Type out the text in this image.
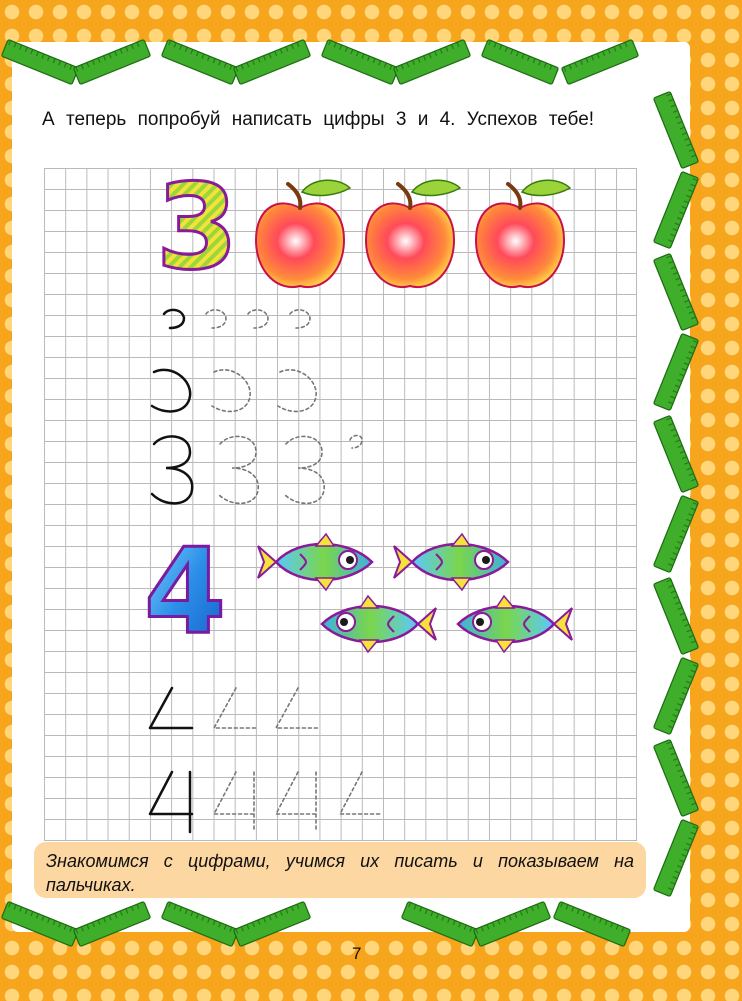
А теперь попробуй написать цифры 3 и 4. Успехов тебе!
3
4
Знакомимся с цифрами, учимся их писать и показываем на пальчиках.
7
